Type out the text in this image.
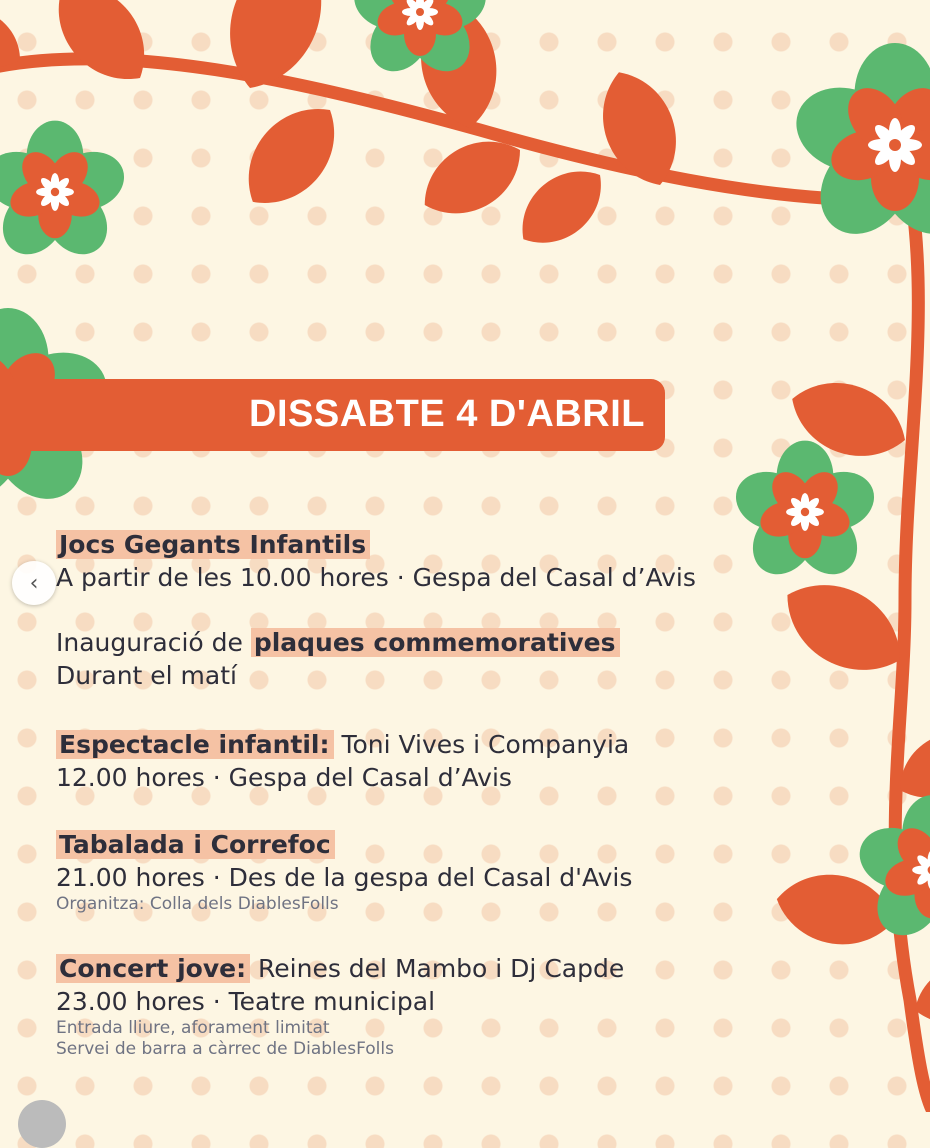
DISSABTE 4 D'ABRIL
Jocs Gegants Infantils
A partir de les 10.00 hores · Gespa del Casal d’Avis
Inauguració de plaques commemoratives
Durant el matí
Espectacle infantil: Toni Vives i Companyia
12.00 hores · Gespa del Casal d’Avis
Tabalada i Correfoc
21.00 hores · Des de la gespa del Casal d'Avis
Organitza: Colla dels DiablesFolls
Concert jove: Reines del Mambo i Dj Capde
23.00 hores · Teatre municipal
Entrada lliure, aforament limitat
Servei de barra a càrrec de DiablesFolls
‹
